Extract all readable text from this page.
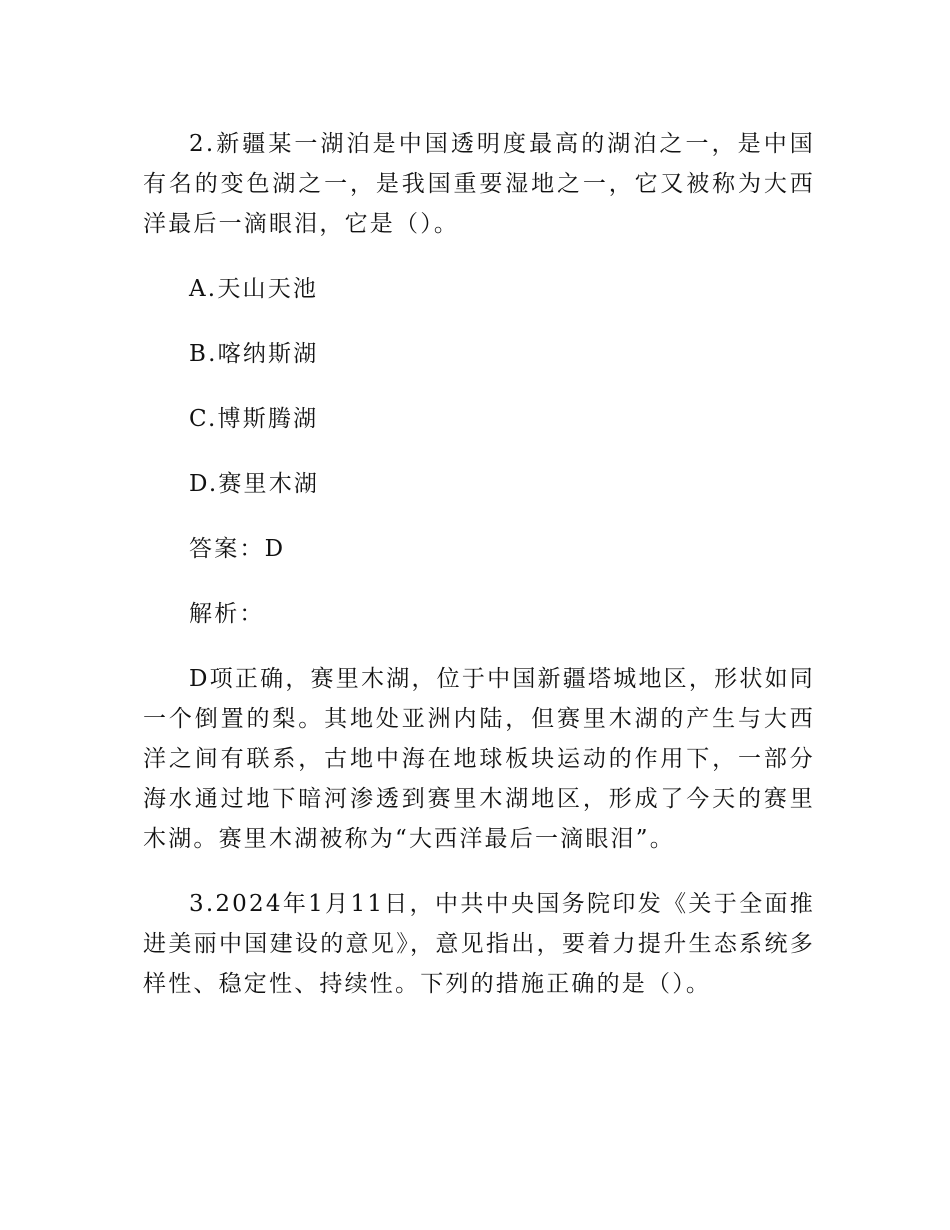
2.新疆某一湖泊是中国透明度最高的湖泊之一，是中国有名的变色湖之一，是我国重要湿地之一，它又被称为大西洋最后一滴眼泪，它是（）。

A.天山天池

B.喀纳斯湖

C.博斯腾湖

D.赛里木湖

答案：D

解析：

D项正确，赛里木湖，位于中国新疆塔城地区，形状如同一个倒置的梨。其地处亚洲内陆，但赛里木湖的产生与大西洋之间有联系，古地中海在地球板块运动的作用下，一部分海水通过地下暗河渗透到赛里木湖地区，形成了今天的赛里木湖。赛里木湖被称为“大西洋最后一滴眼泪”。

3.2024年1月11日，中共中央国务院印发《关于全面推进美丽中国建设的意见》，意见指出，要着力提升生态系统多样性、稳定性、持续性。下列的措施正确的是（）。
